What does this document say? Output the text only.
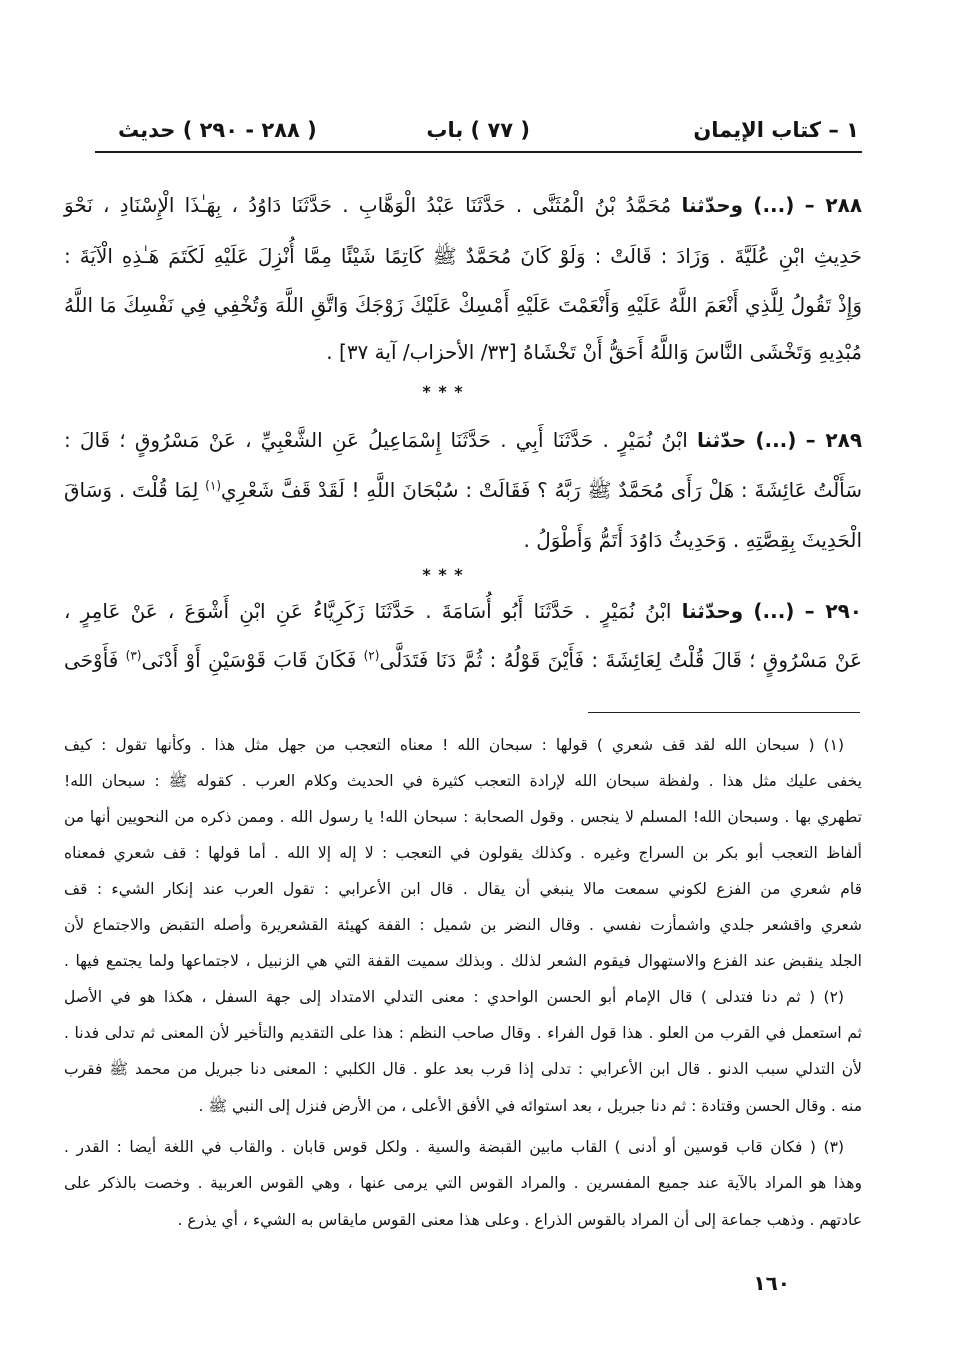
١ – كتاب الإيمان
( ٧٧ ) باب
( ٢٨٨ - ٢٩٠ ) حديث
٢٨٨ – (...) وحدّثنا مُحَمَّدُ بْنُ الْمُثَنَّى . حَدَّثَنَا عَبْدُ الْوَهَّابِ . حَدَّثَنَا دَاوُدُ ، بِهَـٰذَا الْإِسْنَادِ ، نَحْوَ
حَدِيثِ ابْنِ عُلَيَّةَ . وَزَادَ : قَالَتْ : وَلَوْ كَانَ مُحَمَّدٌ ﷺ كَاتِمًا شَيْئًا مِمَّا أُنْزِلَ عَلَيْهِ لَكَتَمَ هَـٰذِهِ الْآيَةَ :
وَإِذْ تَقُولُ لِلَّذِي أَنْعَمَ اللَّهُ عَلَيْهِ وَأَنْعَمْتَ عَلَيْهِ أَمْسِكْ عَلَيْكَ زَوْجَكَ وَاتَّقِ اللَّهَ وَتُخْفِي فِي نَفْسِكَ مَا اللَّهُ
مُبْدِيهِ وَتَخْشَى النَّاسَ وَاللَّهُ أَحَقُّ أَنْ تَخْشَاهُ [٣٣/ الأحزاب/ آية ٣٧] .
* * *
٢٨٩ – (...) حدّثنا ابْنُ نُمَيْرٍ . حَدَّثَنَا أَبِي . حَدَّثَنَا إِسْمَاعِيلُ عَنِ الشَّعْبِيِّ ، عَنْ مَسْرُوقٍ ؛ قَالَ :
سَأَلْتُ عَائِشَةَ : هَلْ رَأَى مُحَمَّدٌ ﷺ رَبَّهُ ؟ فَقَالَتْ : سُبْحَانَ اللَّهِ ! لَقَدْ قَفَّ شَعْرِي$^{(١)}$ لِمَا قُلْتَ . وَسَاقَ
الْحَدِيثَ بِقِصَّتِهِ . وَحَدِيثُ دَاوُدَ أَتَمُّ وَأَطْوَلُ .
* * *
٢٩٠ – (...) وحدّثنا ابْنُ نُمَيْرٍ . حَدَّثَنَا أَبُو أُسَامَةَ . حَدَّثَنَا زَكَرِيَّاءُ عَنِ ابْنِ أَشْوَعَ ، عَنْ عَامِرٍ ،
عَنْ مَسْرُوقٍ ؛ قَالَ قُلْتُ لِعَائِشَةَ : فَأَيْنَ قَوْلُهُ : ثُمَّ دَنَا فَتَدَلَّى$^{(٢)}$ فَكَانَ قَابَ قَوْسَيْنِ أَوْ أَدْنَى$^{(٣)}$ فَأَوْحَى
(١) ( سبحان الله لقد قف شعري ) قولها : سبحان الله ! معناه التعجب من جهل مثل هذا . وكأنها تقول : كيف
يخفى عليك مثل هذا . ولفظة سبحان الله لإرادة التعجب كثيرة في الحديث وكلام العرب . كقوله ﷺ : سبحان الله!
تطهري بها . وسبحان الله! المسلم لا ينجس . وقول الصحابة : سبحان الله! يا رسول الله . وممن ذكره من النحويين أنها من
ألفاظ التعجب أبو بكر بن السراج وغيره . وكذلك يقولون في التعجب : لا إله إلا الله . أما قولها : قف شعري فمعناه
قام شعري من الفزع لكوني سمعت مالا ينبغي أن يقال . قال ابن الأعرابي : تقول العرب عند إنكار الشيء : قف
شعري واقشعر جلدي واشمأزت نفسي . وقال النضر بن شميل : القفة كهيئة القشعريرة وأصله التقبض والاجتماع لأن
الجلد ينقبض عند الفزع والاستهوال فيقوم الشعر لذلك . وبذلك سميت القفة التي هي الزنبيل ، لاجتماعها ولما يجتمع فيها .
(٢) ( ثم دنا فتدلى ) قال الإمام أبو الحسن الواحدي : معنى التدلي الامتداد إلى جهة السفل ، هكذا هو في الأصل
ثم استعمل في القرب من العلو . هذا قول الفراء . وقال صاحب النظم : هذا على التقديم والتأخير لأن المعنى ثم تدلى فدنا .
لأن التدلي سبب الدنو . قال ابن الأعرابي : تدلى إذا قرب بعد علو . قال الكلبي : المعنى دنا جبريل من محمد ﷺ فقرب
منه . وقال الحسن وقتادة : ثم دنا جبريل ، بعد استوائه في الأفق الأعلى ، من الأرض فنزل إلى النبي ﷺ .
(٣) ( فكان قاب قوسين أو أدنى ) القاب مابين القبضة والسية . ولكل قوس قابان . والقاب في اللغة أيضا : القدر .
وهذا هو المراد بالآية عند جميع المفسرين . والمراد القوس التي يرمى عنها ، وهي القوس العربية . وخصت بالذكر على
عادتهم . وذهب جماعة إلى أن المراد بالقوس الذراع . وعلى هذا معنى القوس مايقاس به الشيء ، أي يذرع .
١٦٠
